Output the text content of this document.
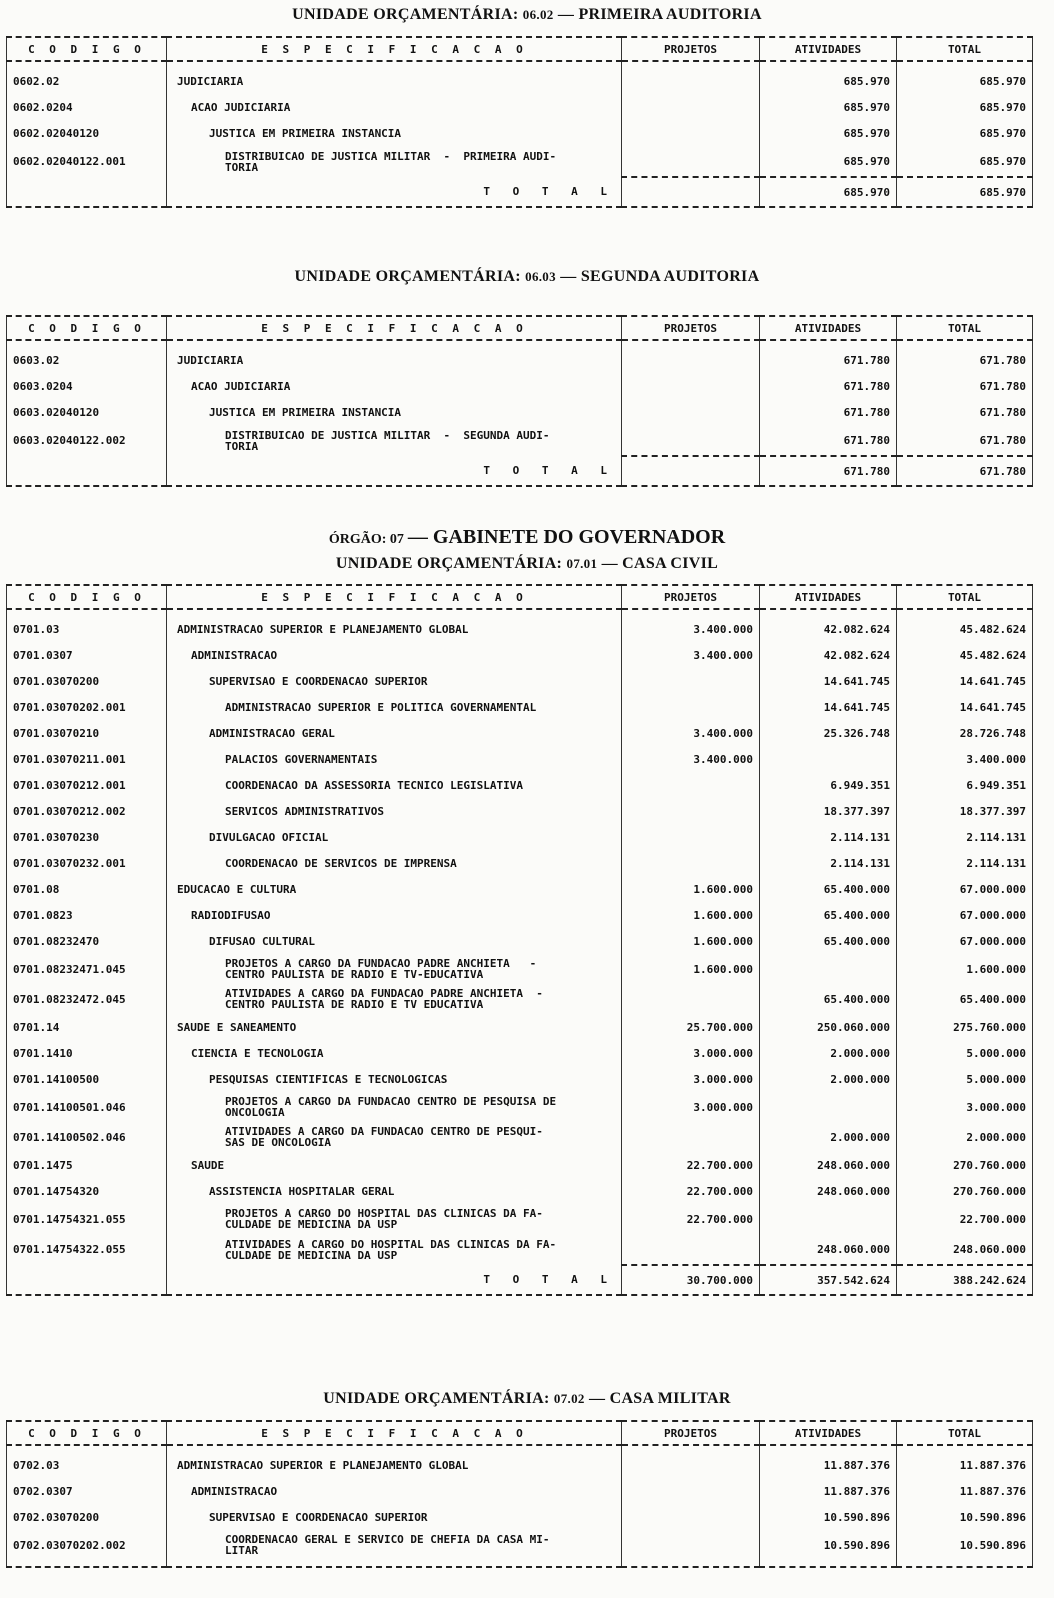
UNIDADE ORÇAMENTÁRIA: 06.02 — PRIMEIRA AUDITORIA
C O D I G O	E S P E C I F I C A C A O	PROJETOS	ATIVIDADES	TOTAL

0602.02	JUDICIARIA		685.970	685.970
0602.0204	ACAO JUDICIARIA		685.970	685.970
0602.02040120	JUSTICA EM PRIMEIRA INSTANCIA		685.970	685.970
0602.02040122.001	DISTRIBUICAO DE JUSTICA MILITAR  -  PRIMEIRA AUDI-
TORIA		685.970	685.970
	T O T A L		685.970	685.970
UNIDADE ORÇAMENTÁRIA: 06.03 — SEGUNDA AUDITORIA
C O D I G O	E S P E C I F I C A C A O	PROJETOS	ATIVIDADES	TOTAL

0603.02	JUDICIARIA		671.780	671.780
0603.0204	ACAO JUDICIARIA		671.780	671.780
0603.02040120	JUSTICA EM PRIMEIRA INSTANCIA		671.780	671.780
0603.02040122.002	DISTRIBUICAO DE JUSTICA MILITAR  -  SEGUNDA AUDI-
TORIA		671.780	671.780
	T O T A L		671.780	671.780
ÓRGÃO: 07 — GABINETE DO GOVERNADOR
UNIDADE ORÇAMENTÁRIA: 07.01 — CASA CIVIL
C O D I G O	E S P E C I F I C A C A O	PROJETOS	ATIVIDADES	TOTAL

0701.03	ADMINISTRACAO SUPERIOR E PLANEJAMENTO GLOBAL	3.400.000	42.082.624	45.482.624
0701.0307	ADMINISTRACAO	3.400.000	42.082.624	45.482.624
0701.03070200	SUPERVISAO E COORDENACAO SUPERIOR		14.641.745	14.641.745
0701.03070202.001	ADMINISTRACAO SUPERIOR E POLITICA GOVERNAMENTAL		14.641.745	14.641.745
0701.03070210	ADMINISTRACAO GERAL	3.400.000	25.326.748	28.726.748
0701.03070211.001	PALACIOS GOVERNAMENTAIS	3.400.000		3.400.000
0701.03070212.001	COORDENACAO DA ASSESSORIA TECNICO LEGISLATIVA		6.949.351	6.949.351
0701.03070212.002	SERVICOS ADMINISTRATIVOS		18.377.397	18.377.397
0701.03070230	DIVULGACAO OFICIAL		2.114.131	2.114.131
0701.03070232.001	COORDENACAO DE SERVICOS DE IMPRENSA		2.114.131	2.114.131
0701.08	EDUCACAO E CULTURA	1.600.000	65.400.000	67.000.000
0701.0823	RADIODIFUSAO	1.600.000	65.400.000	67.000.000
0701.08232470	DIFUSAO CULTURAL	1.600.000	65.400.000	67.000.000
0701.08232471.045	PROJETOS A CARGO DA FUNDACAO PADRE ANCHIETA   -
CENTRO PAULISTA DE RADIO E TV-EDUCATIVA	1.600.000		1.600.000
0701.08232472.045	ATIVIDADES A CARGO DA FUNDACAO PADRE ANCHIETA  -
CENTRO PAULISTA DE RADIO E TV EDUCATIVA		65.400.000	65.400.000
0701.14	SAUDE E SANEAMENTO	25.700.000	250.060.000	275.760.000
0701.1410	CIENCIA E TECNOLOGIA	3.000.000	2.000.000	5.000.000
0701.14100500	PESQUISAS CIENTIFICAS E TECNOLOGICAS	3.000.000	2.000.000	5.000.000
0701.14100501.046	PROJETOS A CARGO DA FUNDACAO CENTRO DE PESQUISA DE
ONCOLOGIA	3.000.000		3.000.000
0701.14100502.046	ATIVIDADES A CARGO DA FUNDACAO CENTRO DE PESQUI-
SAS DE ONCOLOGIA		2.000.000	2.000.000
0701.1475	SAUDE	22.700.000	248.060.000	270.760.000
0701.14754320	ASSISTENCIA HOSPITALAR GERAL	22.700.000	248.060.000	270.760.000
0701.14754321.055	PROJETOS A CARGO DO HOSPITAL DAS CLINICAS DA FA-
CULDADE DE MEDICINA DA USP	22.700.000		22.700.000
0701.14754322.055	ATIVIDADES A CARGO DO HOSPITAL DAS CLINICAS DA FA-
CULDADE DE MEDICINA DA USP		248.060.000	248.060.000
	T O T A L	30.700.000	357.542.624	388.242.624
UNIDADE ORÇAMENTÁRIA: 07.02 — CASA MILITAR
C O D I G O	E S P E C I F I C A C A O	PROJETOS	ATIVIDADES	TOTAL

0702.03	ADMINISTRACAO SUPERIOR E PLANEJAMENTO GLOBAL		11.887.376	11.887.376
0702.0307	ADMINISTRACAO		11.887.376	11.887.376
0702.03070200	SUPERVISAO E COORDENACAO SUPERIOR		10.590.896	10.590.896
0702.03070202.002	COORDENACAO GERAL E SERVICO DE CHEFIA DA CASA MI-
LITAR		10.590.896	10.590.896
